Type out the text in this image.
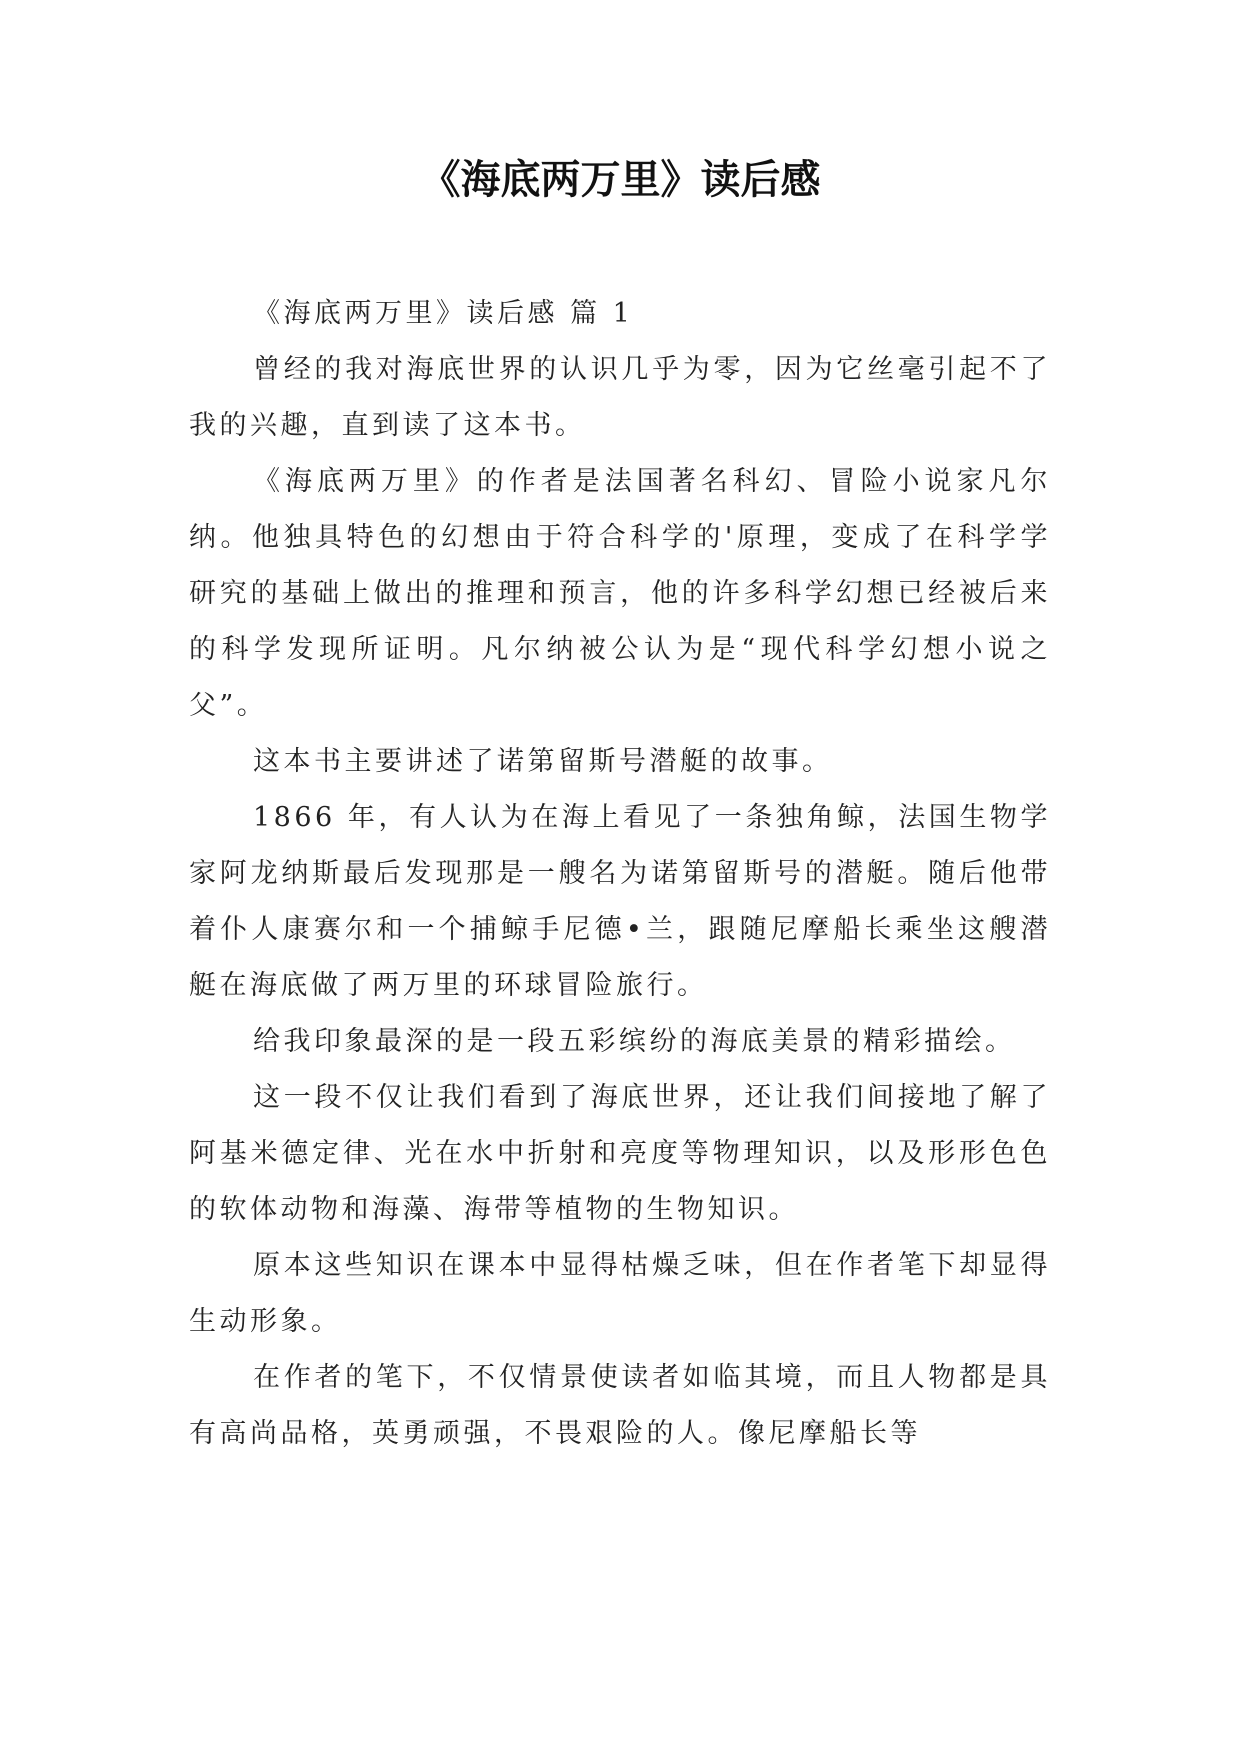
《海底两万里》读后感

《海底两万里》读后感 篇 1

曾经的我对海底世界的认识几乎为零，因为它丝毫引起不了我的兴趣，直到读了这本书。

《海底两万里》的作者是法国著名科幻、冒险小说家凡尔纳。他独具特色的幻想由于符合科学的'原理，变成了在科学学研究的基础上做出的推理和预言，他的许多科学幻想已经被后来的科学发现所证明。凡尔纳被公认为是“现代科学幻想小说之父”。

这本书主要讲述了诺第留斯号潜艇的故事。

1866 年，有人认为在海上看见了一条独角鲸，法国生物学家阿龙纳斯最后发现那是一艘名为诺第留斯号的潜艇。随后他带着仆人康赛尔和一个捕鲸手尼德•兰，跟随尼摩船长乘坐这艘潜艇在海底做了两万里的环球冒险旅行。

给我印象最深的是一段五彩缤纷的海底美景的精彩描绘。

这一段不仅让我们看到了海底世界，还让我们间接地了解了阿基米德定律、光在水中折射和亮度等物理知识，以及形形色色的软体动物和海藻、海带等植物的生物知识。

原本这些知识在课本中显得枯燥乏味，但在作者笔下却显得生动形象。

在作者的笔下，不仅情景使读者如临其境，而且人物都是具有高尚品格，英勇顽强，不畏艰险的人。像尼摩船长等
